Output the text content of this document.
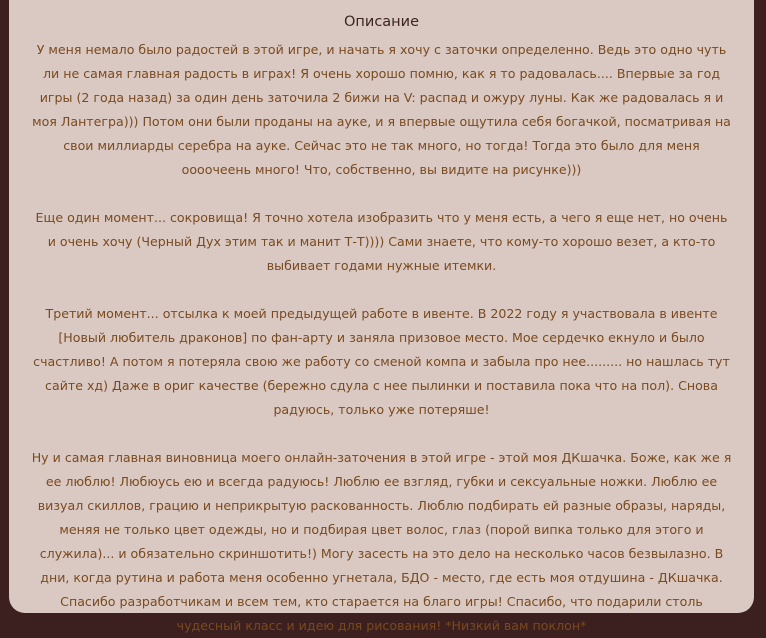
Описание

У меня немало было радостей в этой игре, и начать я хочу с заточки определенно. Ведь это одно чуть ли не самая главная радость в играх! Я очень хорошо помню, как я то радовалась.... Впервые за год игры (2 года назад) за один день заточила 2 бижи на V: распад и ожуру луны. Как же радовалась я и моя Лантегра))) Потом они были проданы на ауке, и я впервые ощутила себя богачкой, посматривая на свои миллиарды серебра на ауке. Сейчас это не так много, но тогда! Тогда это было для меня оооочеень много! Что, собственно, вы видите на рисунке)))

Еще один момент... сокровища! Я точно хотела изобразить что у меня есть, а чего я еще нет, но очень и очень хочу (Черный Дух этим так и манит Т-Т)))) Сами знаете, что кому-то хорошо везет, а кто-то выбивает годами нужные итемки.

Третий момент... отсылка к моей предыдущей работе в ивенте. В 2022 году я участвовала в ивенте [Новый любитель драконов] по фан-арту и заняла призовое место. Мое сердечко екнуло и было счастливо! А потом я потеряла свою же работу со сменой компа и забыла про нее......... но нашлась тут сайте хд) Даже в ориг качестве (бережно сдула с нее пылинки и поставила пока что на пол). Снова радуюсь, только уже потеряше!

Ну и самая главная виновница моего онлайн-заточения в этой игре - этой моя ДКшачка. Боже, как же я ее люблю! Любюусь ею и всегда радуюсь! Люблю ее взгляд, губки и сексуальные ножки. Люблю ее визуал скиллов, грацию и неприкрытую раскованность. Люблю подбирать ей разные образы, наряды, меняя не только цвет одежды, но и подбирая цвет волос, глаз (порой випка только для этого и служила)... и обязательно скриншотить!) Могу засесть на это дело на несколько часов безвылазно. В дни, когда рутина и работа меня особенно угнетала, БДО - место, где есть моя отдушина - ДКшачка. Спасибо разработчикам и всем тем, кто старается на благо игры! Спасибо, что подарили столь чудесный класс и идею для рисования! *Низкий вам поклон*
